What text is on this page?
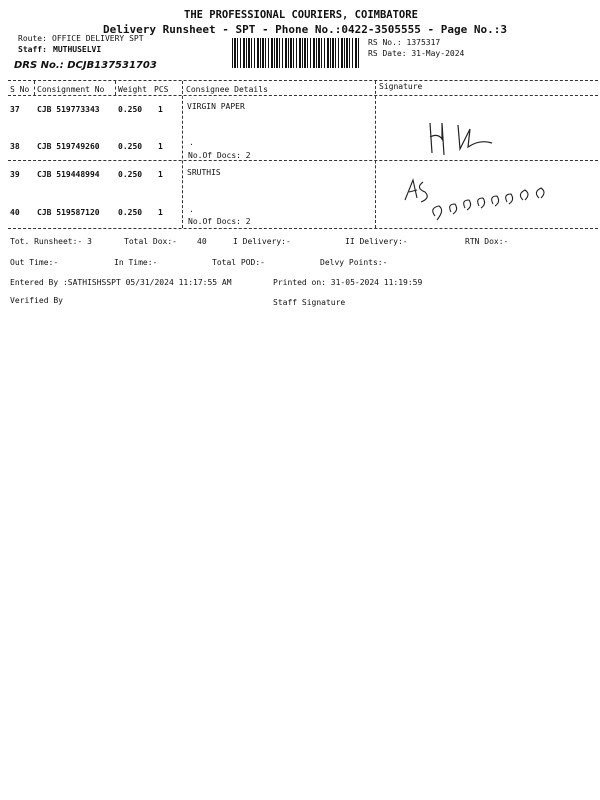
THE PROFESSIONAL COURIERS, COIMBATORE
Delivery Runsheet - SPT - Phone No.:0422-3505555 - Page No.:3
Route: OFFICE DELIVERY SPT
Staff: MUTHUSELVI
RS No.: 1375317
RS Date: 31-May-2024
DRS No.: DCJB137531703
S No Consignment No Weight PCS Consignee Details	Signature
37 CJB 519773343 0.250 1	VIRGIN PAPER
38 CJB 519749260 0.250 1	.
No.Of Docs: 2
39 CJB 519448994 0.250 1	SRUTHIS
40 CJB 519587120 0.250 1	.
No.Of Docs: 2
Tot. Runsheet:- 3	Total Dox:-	40	I Delivery:-	II Delivery:-	RTN Dox:-
Out Time:-	In Time:-	Total POD:-	Delvy Points:-
Entered By :SATHISHSSPT 05/31/2024 11:17:55 AM	Printed on: 31-05-2024 11:19:59
Verified By	Staff Signature
